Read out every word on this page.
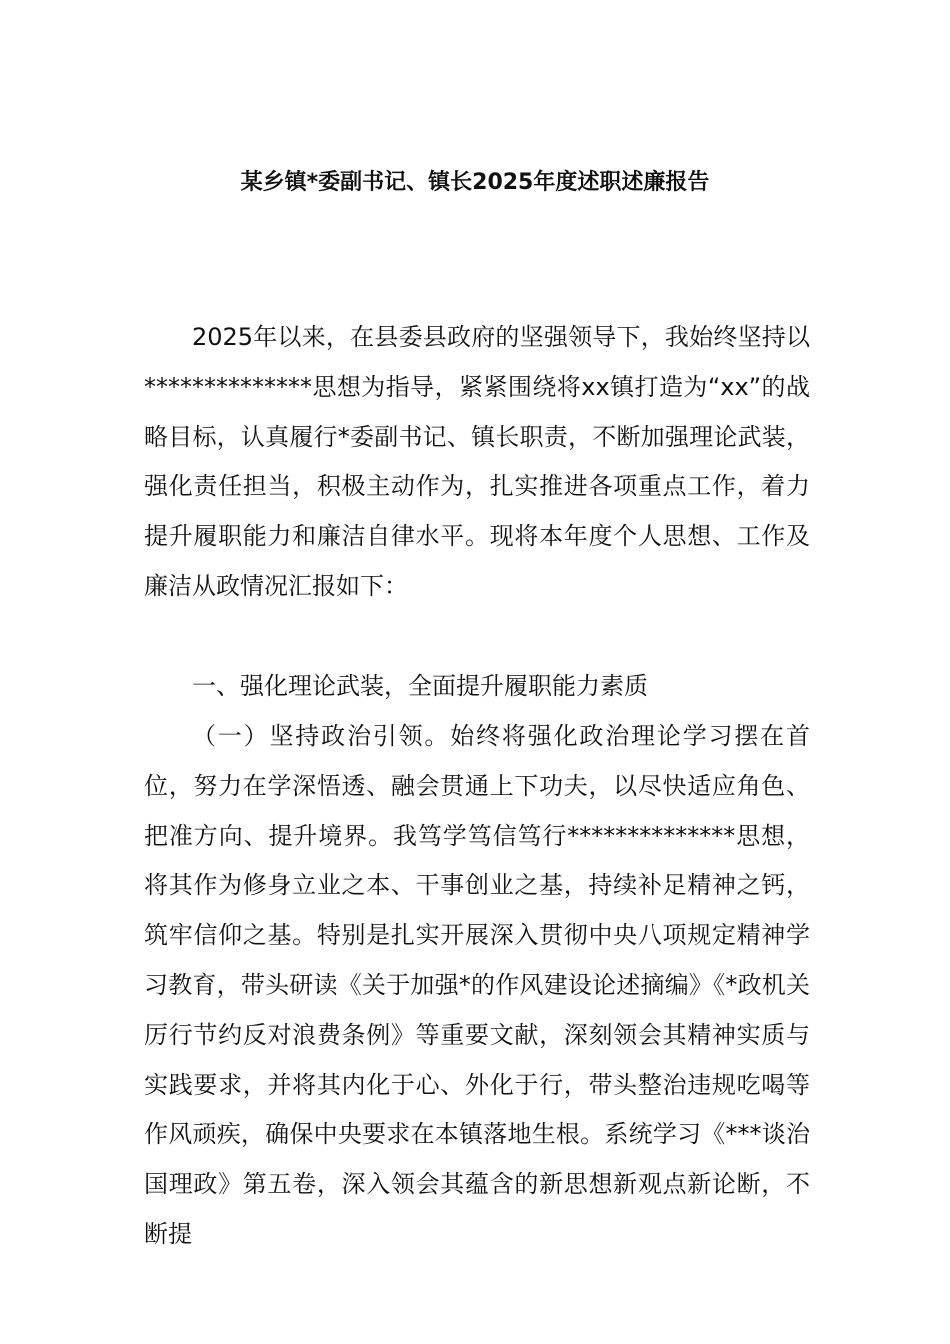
某乡镇*委副书记、镇长2025年度述职述廉报告

2025年以来，在县委县政府的坚强领导下，我始终坚持以**************思想为指导，紧紧围绕将xx镇打造为“xx”的战略目标，认真履行*委副书记、镇长职责，不断加强理论武装，强化责任担当，积极主动作为，扎实推进各项重点工作，着力提升履职能力和廉洁自律水平。现将本年度个人思想、工作及廉洁从政情况汇报如下：

一、强化理论武装，全面提升履职能力素质

（一）坚持政治引领。始终将强化政治理论学习摆在首位，努力在学深悟透、融会贯通上下功夫，以尽快适应角色、把准方向、提升境界。我笃学笃信笃行**************思想，将其作为修身立业之本、干事创业之基，持续补足精神之钙，筑牢信仰之基。特别是扎实开展深入贯彻中央八项规定精神学习教育，带头研读《关于加强*的作风建设论述摘编》《*政机关厉行节约反对浪费条例》等重要文献，深刻领会其精神实质与实践要求，并将其内化于心、外化于行，带头整治违规吃喝等作风顽疾，确保中央要求在本镇落地生根。系统学习《***谈治国理政》第五卷，深入领会其蕴含的新思想新观点新论断，不断提
